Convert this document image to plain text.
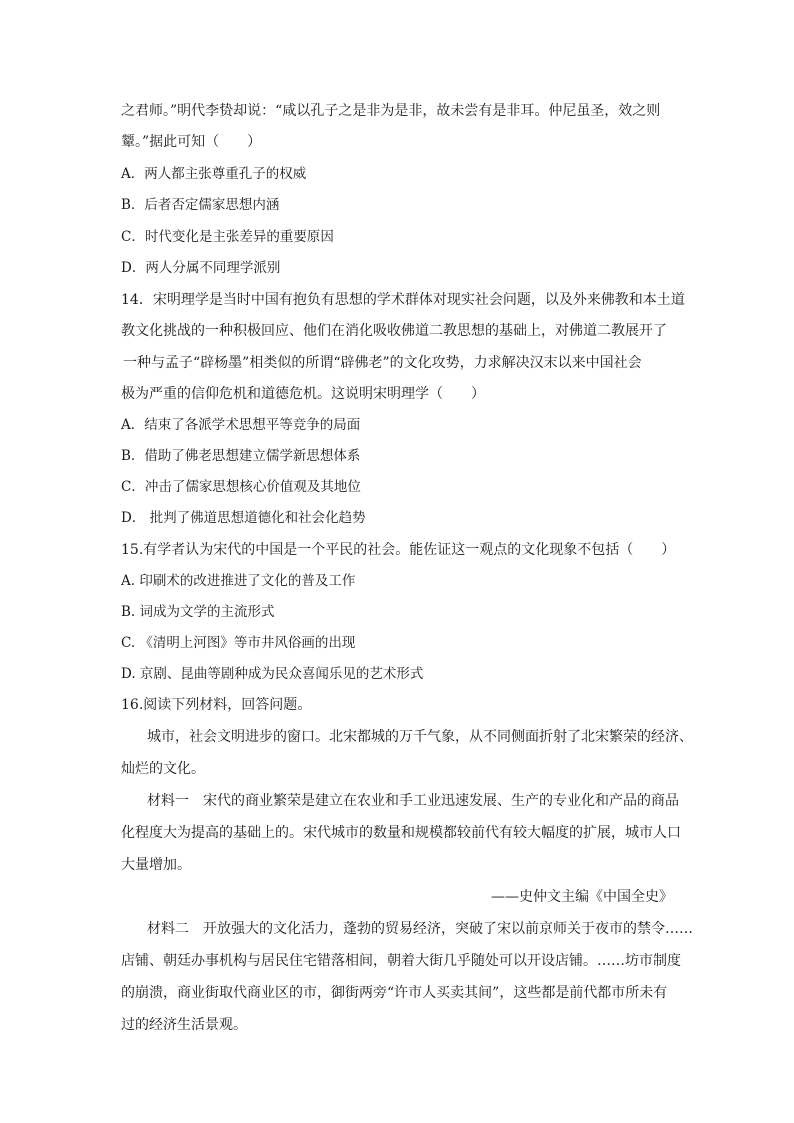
之君师。”明代李贽却说：“咸以孔子之是非为是非，故未尝有是非耳。仲尼虽圣，效之则
颦。”据此可知（　　）
A．两人都主张尊重孔子的权威
B．后者否定儒家思想内涵
C．时代变化是主张差异的重要原因
D．两人分属不同理学派别
14．宋明理学是当时中国有抱负有思想的学术群体对现实社会问题，以及外来佛教和本土道
教文化挑战的一种积极回应、他们在消化吸收佛道二教思想的基础上，对佛道二教展开了
一种与孟子“辟杨墨”相类似的所谓“辟佛老”的文化攻势，力求解决汉末以来中国社会
极为严重的信仰危机和道德危机。这说明宋明理学（　　）
A．结束了各派学术思想平等竞争的局面
B．借助了佛老思想建立儒学新思想体系
C．冲击了儒家思想核心价值观及其地位
D． 批判了佛道思想道德化和社会化趋势
15.有学者认为宋代的中国是一个平民的社会。能佐证这一观点的文化现象不包括（　　）
A. 印刷术的改进推进了文化的普及工作
B. 词成为文学的主流形式
C. 《清明上河图》等市井风俗画的出现
D. 京剧、昆曲等剧种成为民众喜闻乐见的艺术形式
16.阅读下列材料，回答问题。
城市，社会文明进步的窗口。北宋都城的万千气象，从不同侧面折射了北宋繁荣的经济、
灿烂的文化。
材料一　宋代的商业繁荣是建立在农业和手工业迅速发展、生产的专业化和产品的商品
化程度大为提高的基础上的。宋代城市的数量和规模都较前代有较大幅度的扩展，城市人口
大量增加。
——史仲文主编《中国全史》
材料二　开放强大的文化活力，蓬勃的贸易经济，突破了宋以前京师关于夜市的禁令……
店铺、朝廷办事机构与居民住宅错落相间，朝着大街几乎随处可以开设店铺。……坊市制度
的崩溃，商业街取代商业区的市，御街两旁“许市人买卖其间”，这些都是前代都市所未有
过的经济生活景观。
